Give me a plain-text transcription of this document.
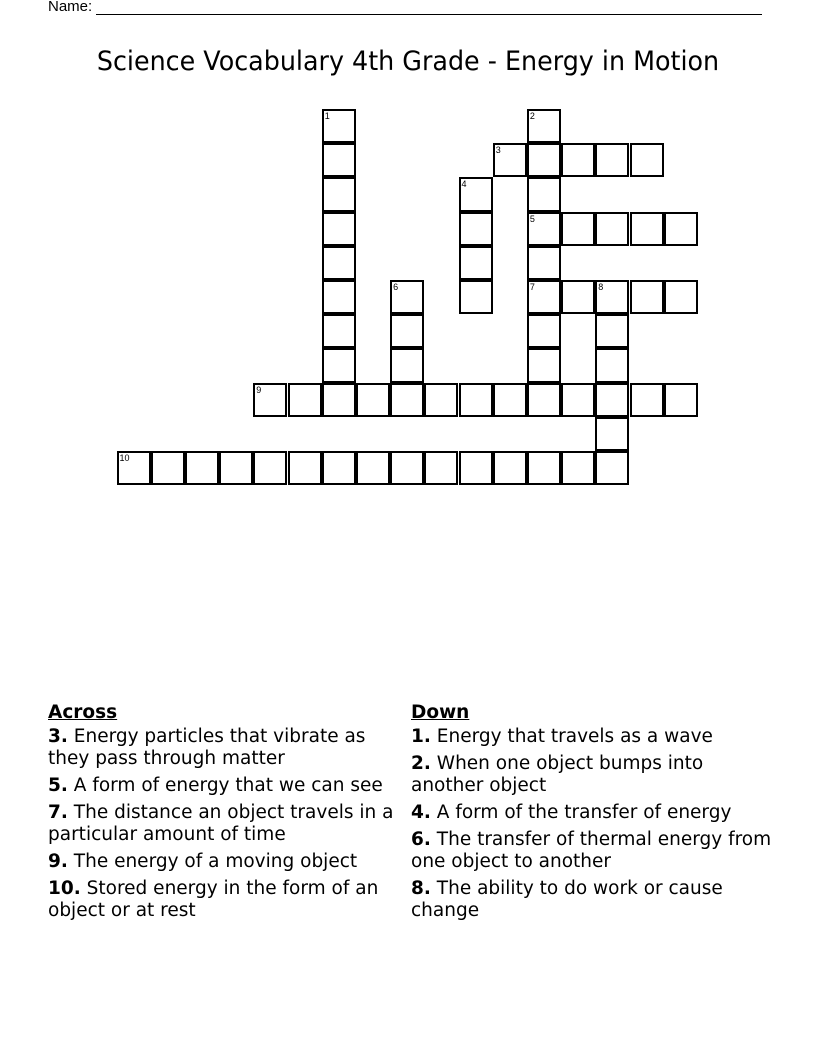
Name:
Science Vocabulary 4th Grade - Energy in Motion
1	2
5
7
3
4
6	8
9
10
Across
3. Energy particles that vibrate as they pass through matter
5. A form of energy that we can see
7. The distance an object travels in a particular amount of time
9. The energy of a moving object
10. Stored energy in the form of an object or at rest
Down
1. Energy that travels as a wave
2. When one object bumps into another object
4. A form of the transfer of energy
6. The transfer of thermal energy from one object to another
8. The ability to do work or cause change
